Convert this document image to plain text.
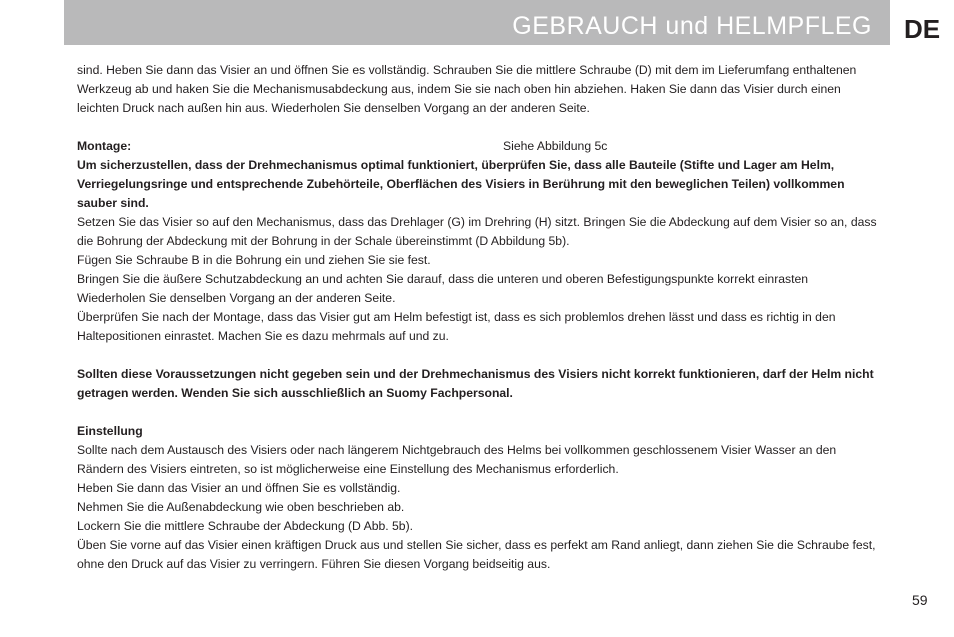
GEBRAUCH und HELMPFLEG DE

sind. Heben Sie dann das Visier an und öffnen Sie es vollständig. Schrauben Sie die mittlere Schraube (D) mit dem im Lieferumfang enthaltenen Werkzeug ab und haken Sie die Mechanismusabdeckung aus, indem Sie sie nach oben hin abziehen. Haken Sie dann das Visier durch einen leichten Druck nach außen hin aus. Wiederholen Sie denselben Vorgang an der anderen Seite.

Montage:	Siehe Abbildung 5c

Um sicherzustellen, dass der Drehmechanismus optimal funktioniert, überprüfen Sie, dass alle Bauteile (Stifte und Lager am Helm, Verriegelungsringe und entsprechende Zubehörteile, Oberflächen des Visiers in Berührung mit den beweglichen Teilen) vollkommen sauber sind.

Setzen Sie das Visier so auf den Mechanismus, dass das Drehlager (G) im Drehring (H) sitzt. Bringen Sie die Abdeckung auf dem Visier so an, dass die Bohrung der Abdeckung mit der Bohrung in der Schale übereinstimmt (D Abbildung 5b).

Fügen Sie Schraube B in die Bohrung ein und ziehen Sie sie fest.

Bringen Sie die äußere Schutzabdeckung an und achten Sie darauf, dass die unteren und oberen Befestigungspunkte korrekt einrasten

Wiederholen Sie denselben Vorgang an der anderen Seite.

Überprüfen Sie nach der Montage, dass das Visier gut am Helm befestigt ist, dass es sich problemlos drehen lässt und dass es richtig in den Haltepositionen einrastet. Machen Sie es dazu mehrmals auf und zu.

Sollten diese Voraussetzungen nicht gegeben sein und der Drehmechanismus des Visiers nicht korrekt funktionieren, darf der Helm nicht getragen werden. Wenden Sie sich ausschließlich an Suomy Fachpersonal.

Einstellung

Sollte nach dem Austausch des Visiers oder nach längerem Nichtgebrauch des Helms bei vollkommen geschlossenem Visier Wasser an den Rändern des Visiers eintreten, so ist möglicherweise eine Einstellung des Mechanismus erforderlich.

Heben Sie dann das Visier an und öffnen Sie es vollständig.

Nehmen Sie die Außenabdeckung wie oben beschrieben ab.

Lockern Sie die mittlere Schraube der Abdeckung (D Abb. 5b).

Üben Sie vorne auf das Visier einen kräftigen Druck aus und stellen Sie sicher, dass es perfekt am Rand anliegt, dann ziehen Sie die Schraube fest, ohne den Druck auf das Visier zu verringern. Führen Sie diesen Vorgang beidseitig aus.

59
